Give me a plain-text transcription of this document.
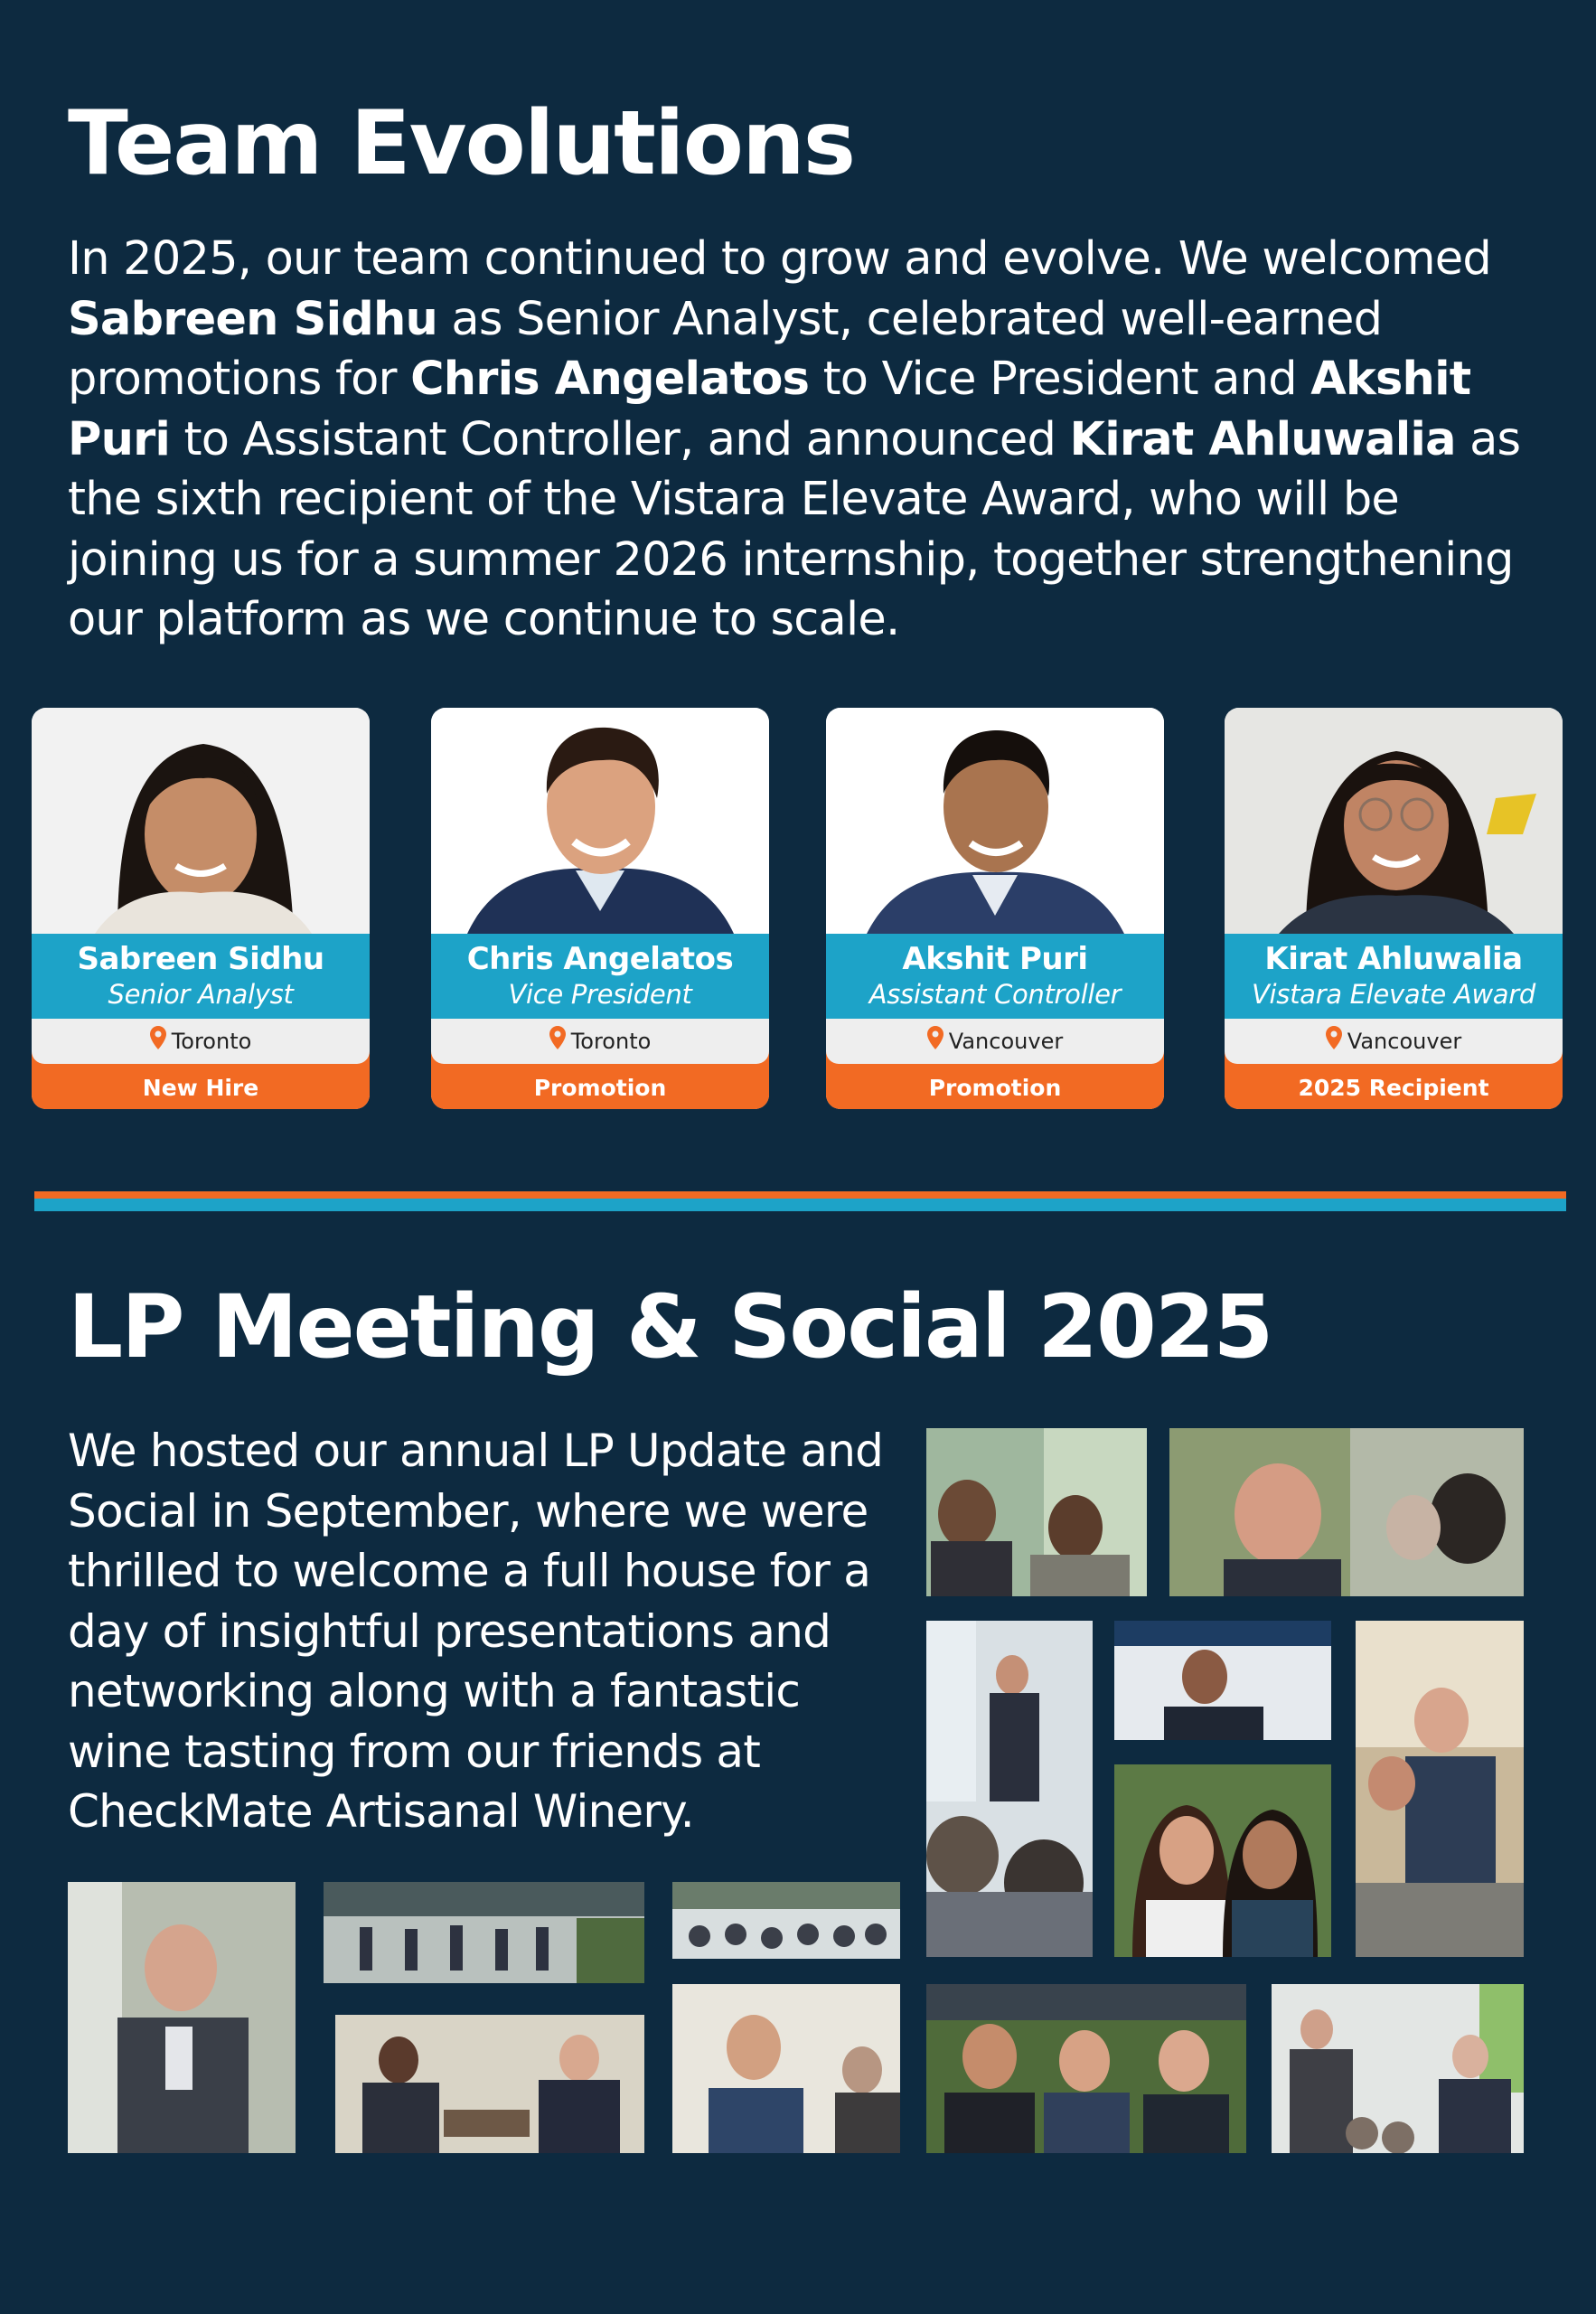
Team Evolutions

In 2025, our team continued to grow and evolve. We welcomed Sabreen Sidhu as Senior Analyst, celebrated well-earned promotions for Chris Angelatos to Vice President and Akshit Puri to Assistant Controller, and announced Kirat Ahluwalia as the sixth recipient of the Vistara Elevate Award, who will be joining us for a summer 2026 internship, together strengthening our platform as we continue to scale.

Sabreen Sidhu
Senior Analyst
Toronto
New Hire
Chris Angelatos
Vice President
Toronto
Promotion
Akshit Puri
Assistant Controller
Vancouver
Promotion
Kirat Ahluwalia
Vistara Elevate Award
Vancouver
2025 Recipient
LP Meeting & Social 2025

We hosted our annual LP Update and Social in September, where we were thrilled to welcome a full house for a day of insightful presentations and networking along with a fantastic wine tasting from our friends at CheckMate Artisanal Winery.
